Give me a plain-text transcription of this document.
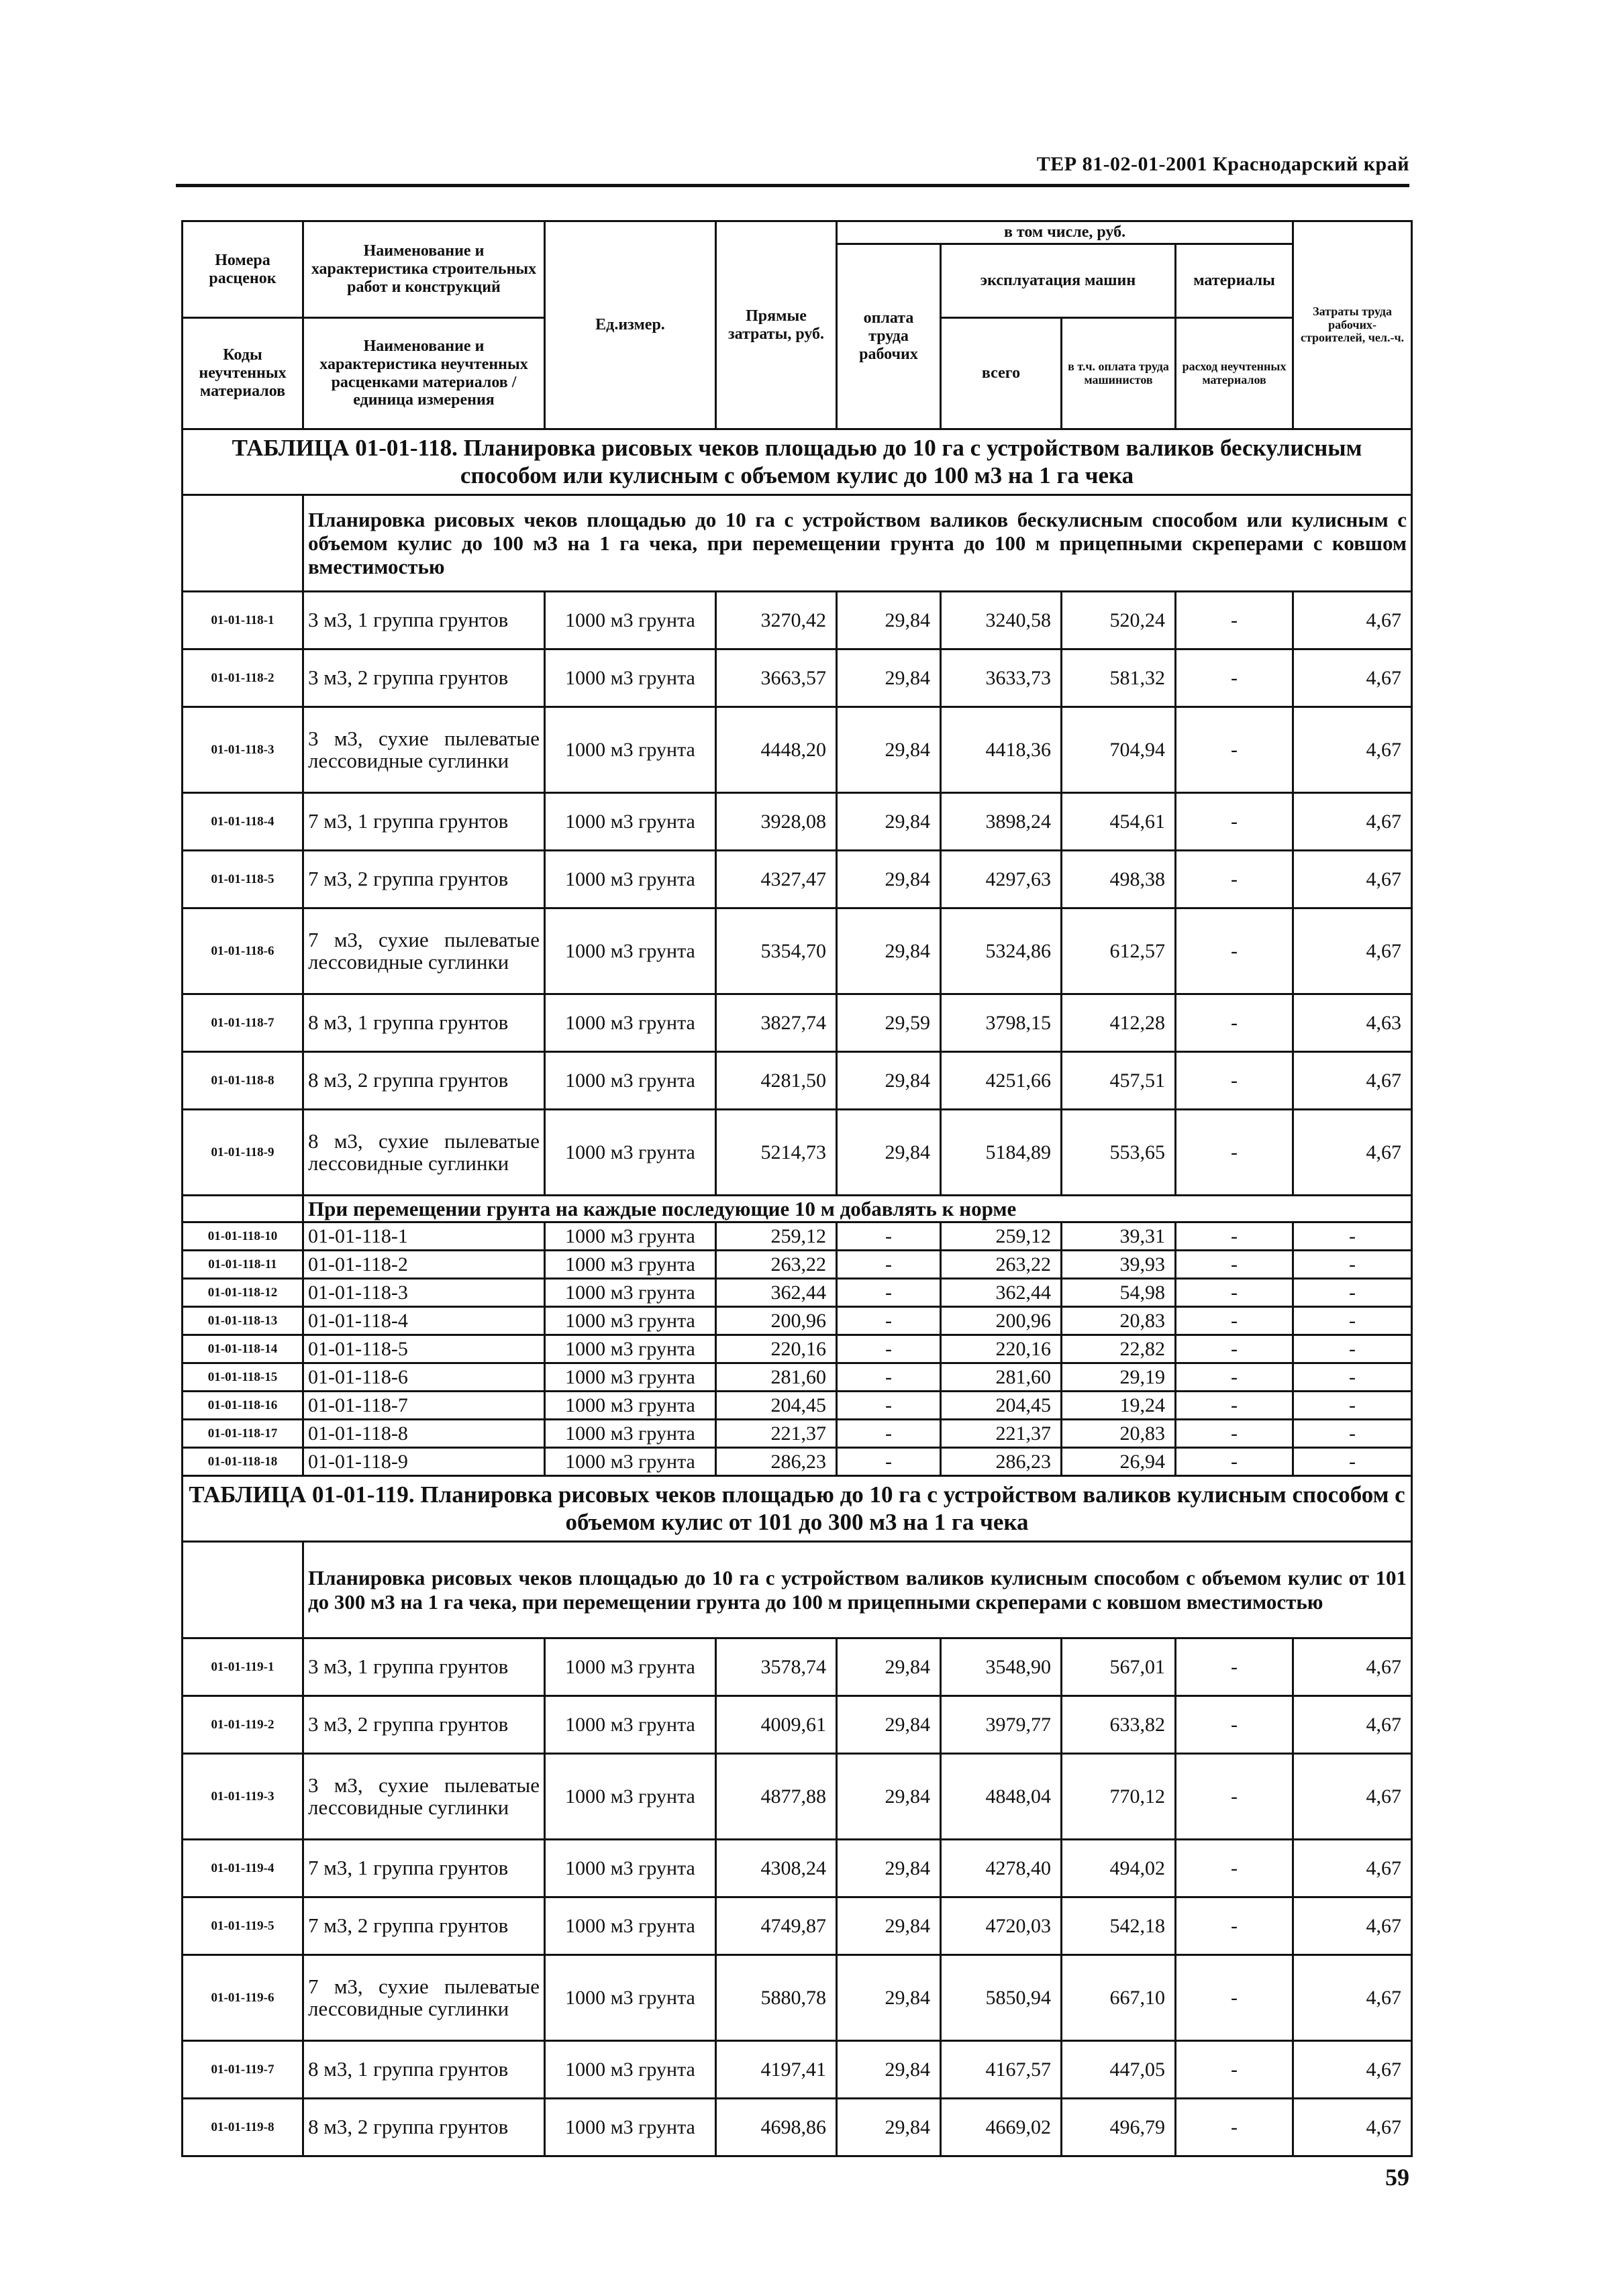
ТЕР 81-02-01-2001 Краснодарский край
Номера расценок	Наименование и характеристика строительных работ и конструкций	Ед.измер.	Прямые затраты, руб.	в том числе, руб.				Затраты труда рабочих-строителей, чел.-ч.
				оплата труда рабочих	эксплуатация машин		материалы	
Коды неучтенных материалов	Наименование и характеристика неучтенных расценками материалов / единица измерения				всего	в т.ч. оплата труда машинистов	расход неучтенных материалов	

ТАБЛИЦА 01-01-118. Планировка рисовых чеков площадью до 10 га с устройством валиков бескулисным способом или кулисным с объемом кулис до 100 м3 на 1 га чека								
	Планировка рисовых чеков площадью до 10 га с устройством валиков бескулисным способом или кулисным с объемом кулис до 100 м3 на 1 га чека, при перемещении грунта до 100 м прицепными скреперами с ковшом вместимостью							
01-01-118-1	3 м3, 1 группа грунтов	1000 м3 грунта	3270,42	29,84	3240,58	520,24	-	4,67
01-01-118-2	3 м3, 2 группа грунтов	1000 м3 грунта	3663,57	29,84	3633,73	581,32	-	4,67
01-01-118-3	3 м3, сухие пылеватые лессовидные суглинки	1000 м3 грунта	4448,20	29,84	4418,36	704,94	-	4,67
01-01-118-4	7 м3, 1 группа грунтов	1000 м3 грунта	3928,08	29,84	3898,24	454,61	-	4,67
01-01-118-5	7 м3, 2 группа грунтов	1000 м3 грунта	4327,47	29,84	4297,63	498,38	-	4,67
01-01-118-6	7 м3, сухие пылеватые лессовидные суглинки	1000 м3 грунта	5354,70	29,84	5324,86	612,57	-	4,67
01-01-118-7	8 м3, 1 группа грунтов	1000 м3 грунта	3827,74	29,59	3798,15	412,28	-	4,63
01-01-118-8	8 м3, 2 группа грунтов	1000 м3 грунта	4281,50	29,84	4251,66	457,51	-	4,67
01-01-118-9	8 м3, сухие пылеватые лессовидные суглинки	1000 м3 грунта	5214,73	29,84	5184,89	553,65	-	4,67
	При перемещении грунта на каждые последующие 10 м добавлять к норме							
01-01-118-10	01-01-118-1	1000 м3 грунта	259,12	-	259,12	39,31	-	-
01-01-118-11	01-01-118-2	1000 м3 грунта	263,22	-	263,22	39,93	-	-
01-01-118-12	01-01-118-3	1000 м3 грунта	362,44	-	362,44	54,98	-	-
01-01-118-13	01-01-118-4	1000 м3 грунта	200,96	-	200,96	20,83	-	-
01-01-118-14	01-01-118-5	1000 м3 грунта	220,16	-	220,16	22,82	-	-
01-01-118-15	01-01-118-6	1000 м3 грунта	281,60	-	281,60	29,19	-	-
01-01-118-16	01-01-118-7	1000 м3 грунта	204,45	-	204,45	19,24	-	-
01-01-118-17	01-01-118-8	1000 м3 грунта	221,37	-	221,37	20,83	-	-
01-01-118-18	01-01-118-9	1000 м3 грунта	286,23	-	286,23	26,94	-	-
ТАБЛИЦА 01-01-119. Планировка рисовых чеков площадью до 10 га с устройством валиков кулисным способом с объемом кулис от 101 до 300 м3 на 1 га чека								
	Планировка рисовых чеков площадью до 10 га с устройством валиков кулисным способом с объемом кулис от 101 до 300 м3 на 1 га чека, при перемещении грунта до 100 м прицепными скреперами с ковшом вместимостью							
01-01-119-1	3 м3, 1 группа грунтов	1000 м3 грунта	3578,74	29,84	3548,90	567,01	-	4,67
01-01-119-2	3 м3, 2 группа грунтов	1000 м3 грунта	4009,61	29,84	3979,77	633,82	-	4,67
01-01-119-3	3 м3, сухие пылеватые лессовидные суглинки	1000 м3 грунта	4877,88	29,84	4848,04	770,12	-	4,67
01-01-119-4	7 м3, 1 группа грунтов	1000 м3 грунта	4308,24	29,84	4278,40	494,02	-	4,67
01-01-119-5	7 м3, 2 группа грунтов	1000 м3 грунта	4749,87	29,84	4720,03	542,18	-	4,67
01-01-119-6	7 м3, сухие пылеватые лессовидные суглинки	1000 м3 грунта	5880,78	29,84	5850,94	667,10	-	4,67
01-01-119-7	8 м3, 1 группа грунтов	1000 м3 грунта	4197,41	29,84	4167,57	447,05	-	4,67
01-01-119-8	8 м3, 2 группа грунтов	1000 м3 грунта	4698,86	29,84	4669,02	496,79	-	4,67
59
